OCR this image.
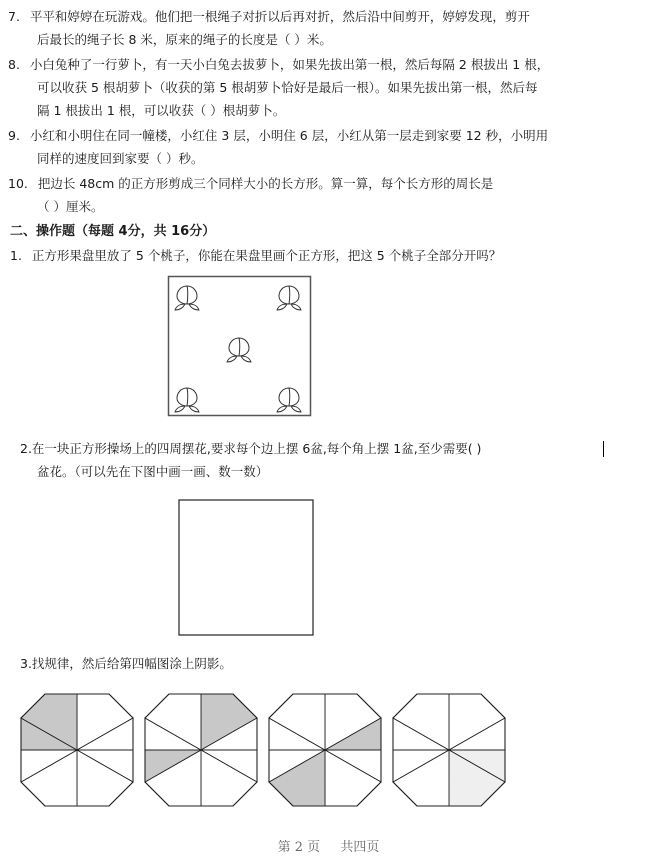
7. 平平和婷婷在玩游戏。他们把一根绳子对折以后再对折，然后沿中间剪开，婷婷发现，剪开
后最长的绳子长 8 米，原来的绳子的长度是（ ）米。
8. 小白兔种了一行萝卜，有一天小白兔去拔萝卜，如果先拔出第一根，然后每隔 2 根拔出 1 根，
可以收获 5 根胡萝卜（收获的第 5 根胡萝卜恰好是最后一根）。如果先拔出第一根，然后每
隔 1 根拔出 1 根，可以收获（ ）根胡萝卜。
9. 小红和小明住在同一幢楼，小红住 3 层，小明住 6 层，小红从第一层走到家要 12 秒，小明用
同样的速度回到家要（ ）秒。
10. 把边长 48cm 的正方形剪成三个同样大小的长方形。算一算，每个长方形的周长是
（ ）厘米。
二、操作题（每题 4分，共 16分）
1. 正方形果盘里放了 5 个桃子，你能在果盘里画个正方形，把这 5 个桃子全部分开吗？
2.在一块正方形操场上的四周摆花,要求每个边上摆 6盆,每个角上摆 1盆,至少需要( )
盆花。（可以先在下图中画一画、数一数）
3.找规律，然后给第四幅图涂上阴影。
第 2 页 共四页
